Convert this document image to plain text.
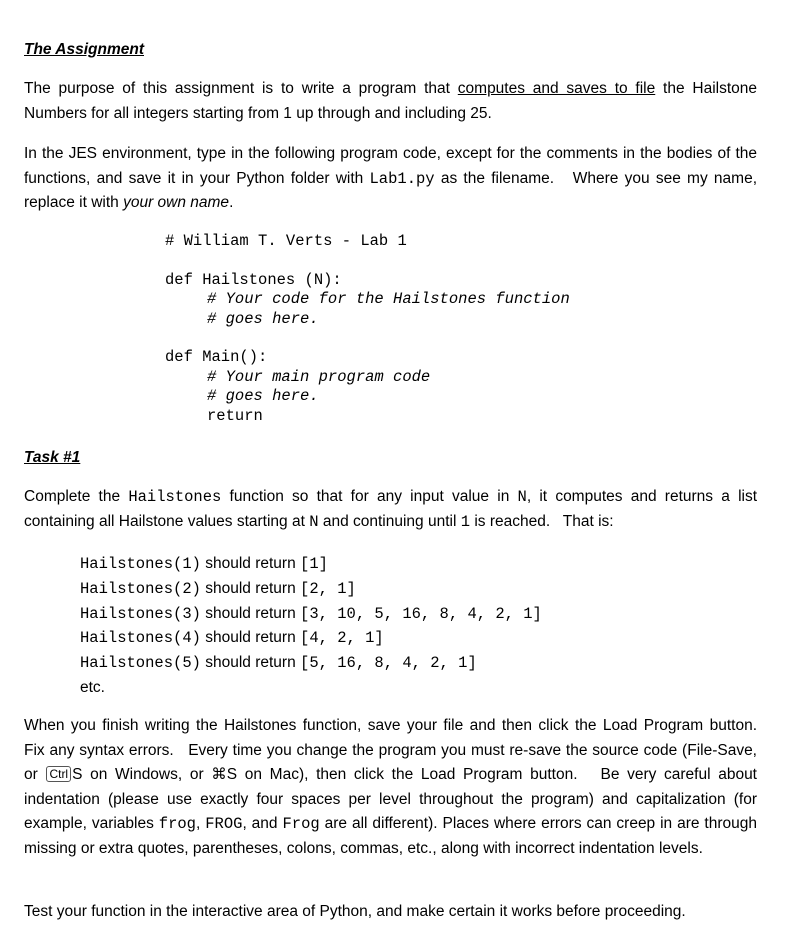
The Assignment

The purpose of this assignment is to write a program that computes and saves to file the Hailstone Numbers for all integers starting from 1 up through and including 25.

In the JES environment, type in the following program code, except for the comments in the bodies of the functions, and save it in your Python folder with Lab1.py as the filename.   Where you see my name, replace it with your own name.

# William T. Verts - Lab 1
def Hailstones (N):
# Your code for the Hailstones function
# goes here.
def Main():
# Your main program code
# goes here.
return
Task #1

Complete the Hailstones function so that for any input value in N, it computes and returns a list containing all Hailstone values starting at N and continuing until 1 is reached.   That is:

Hailstones(1) should return [1]
Hailstones(2) should return [2, 1]
Hailstones(3) should return [3, 10, 5, 16, 8, 4, 2, 1]
Hailstones(4) should return [4, 2, 1]
Hailstones(5) should return [5, 16, 8, 4, 2, 1]
etc.

When you finish writing the Hailstones function, save your file and then click the Load Program button.   Fix any syntax errors.   Every time you change the program you must re-save the source code (File-Save, or Ctrl S on Windows, or ⌘S on Mac), then click the Load Program button.   Be very careful about indentation (please use exactly four spaces per level throughout the program) and capitalization (for example, variables frog, FROG, and Frog are all different). Places where errors can creep in are through missing or extra quotes, parentheses, colons, commas, etc., along with incorrect indentation levels.

Test your function in the interactive area of Python, and make certain it works before proceeding.
